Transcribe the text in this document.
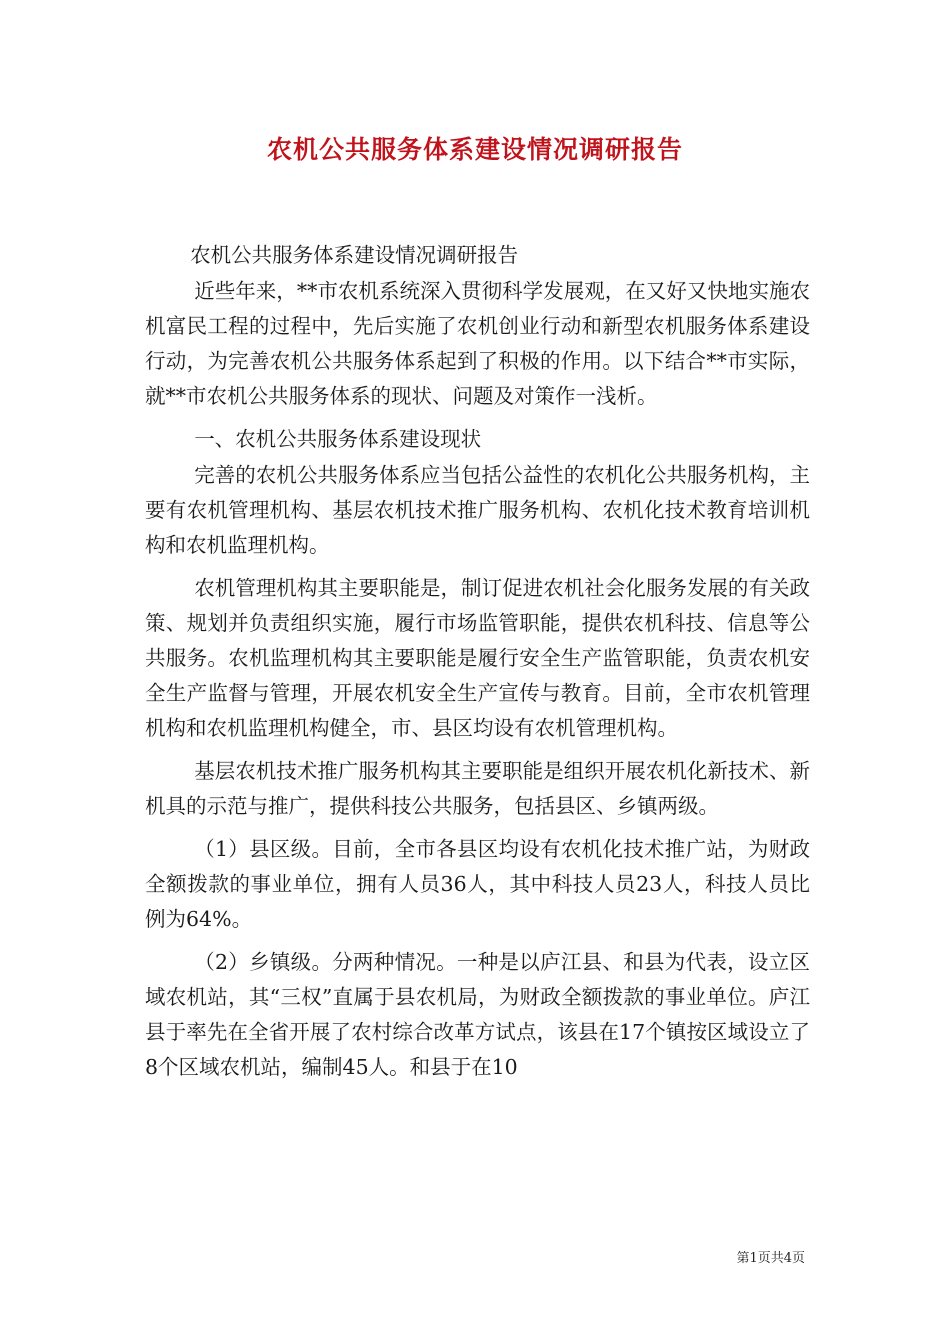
农机公共服务体系建设情况调研报告

农机公共服务体系建设情况调研报告

近些年来，**市农机系统深入贯彻科学发展观，在又好又快地实施农机富民工程的过程中，先后实施了农机创业行动和新型农机服务体系建设行动，为完善农机公共服务体系起到了积极的作用。以下结合**市实际，就**市农机公共服务体系的现状、问题及对策作一浅析。

一、农机公共服务体系建设现状

完善的农机公共服务体系应当包括公益性的农机化公共服务机构，主要有农机管理机构、基层农机技术推广服务机构、农机化技术教育培训机构和农机监理机构。

农机管理机构其主要职能是，制订促进农机社会化服务发展的有关政策、规划并负责组织实施，履行市场监管职能，提供农机科技、信息等公共服务。农机监理机构其主要职能是履行安全生产监管职能，负责农机安全生产监督与管理，开展农机安全生产宣传与教育。目前，全市农机管理机构和农机监理机构健全，市、县区均设有农机管理机构。

基层农机技术推广服务机构其主要职能是组织开展农机化新技术、新机具的示范与推广，提供科技公共服务，包括县区、乡镇两级。

（1）县区级。目前，全市各县区均设有农机化技术推广站，为财政全额拨款的事业单位，拥有人员36人，其中科技人员23人，科技人员比例为64%。

（2）乡镇级。分两种情况。一种是以庐江县、和县为代表，设立区域农机站，其“三权”直属于县农机局，为财政全额拨款的事业单位。庐江县于率先在全省开展了农村综合改革方试点，该县在17个镇按区域设立了8个区域农机站，编制45人。和县于在10

第1页共4页
